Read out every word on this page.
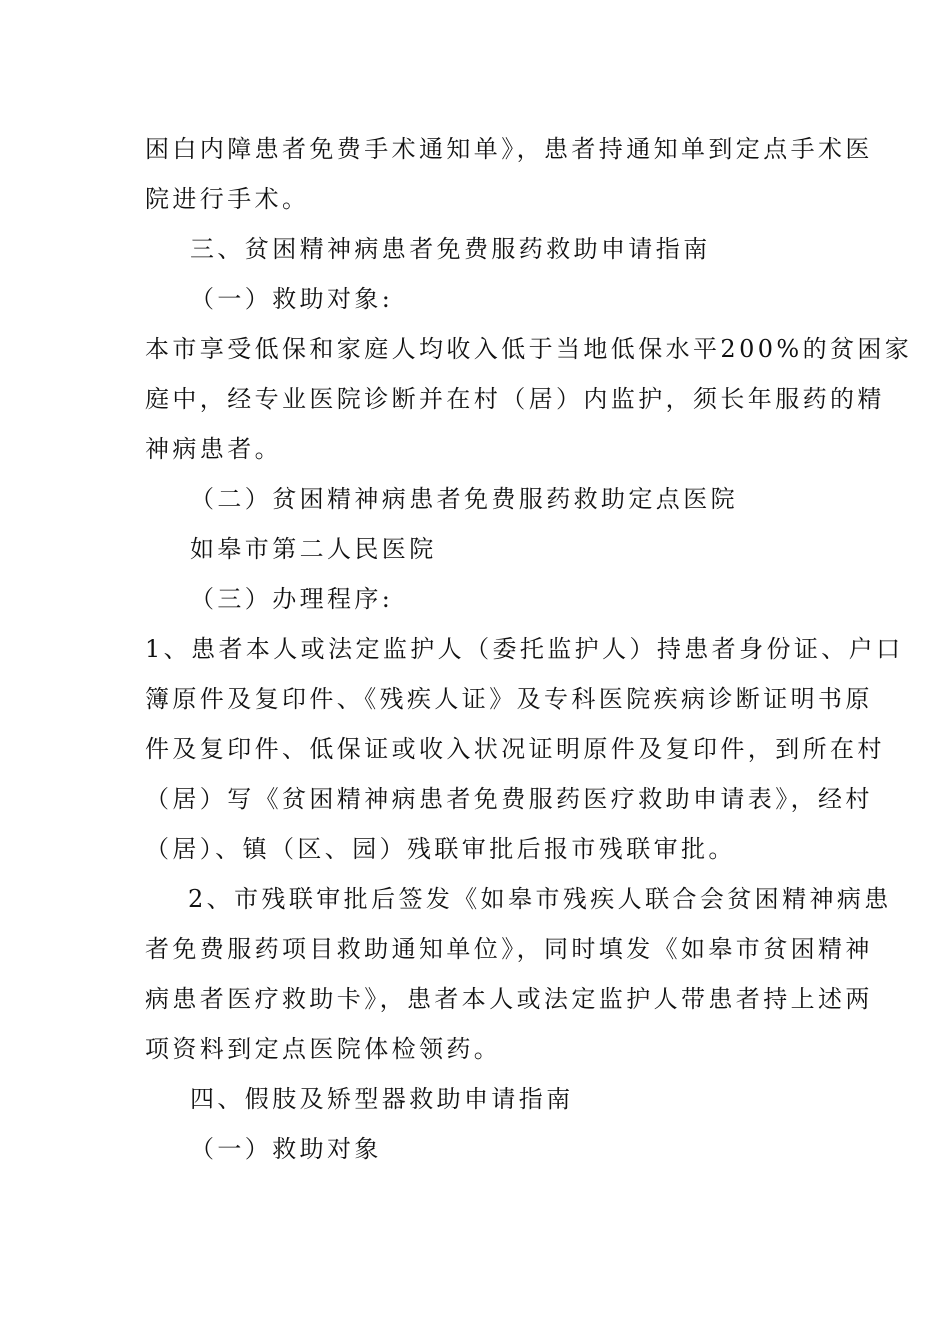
困白内障患者免费手术通知单》，患者持通知单到定点手术医
院进行手术。
三、贫困精神病患者免费服药救助申请指南
（一）救助对象:
本市享受低保和家庭人均收入低于当地低保水平200%的贫困家
庭中，经专业医院诊断并在村（居）内监护，须长年服药的精
神病患者。
（二）贫困精神病患者免费服药救助定点医院
如皋市第二人民医院
（三）办理程序:
1、患者本人或法定监护人（委托监护人）持患者身份证、户口
簿原件及复印件、《残疾人证》及专科医院疾病诊断证明书原
件及复印件、低保证或收入状况证明原件及复印件，到所在村
（居）写《贫困精神病患者免费服药医疗救助申请表》，经村
（居）、镇（区、园）残联审批后报市残联审批。
2、市残联审批后签发《如皋市残疾人联合会贫困精神病患
者免费服药项目救助通知单位》，同时填发《如皋市贫困精神
病患者医疗救助卡》，患者本人或法定监护人带患者持上述两
项资料到定点医院体检领药。
四、假肢及矫型器救助申请指南
（一）救助对象
